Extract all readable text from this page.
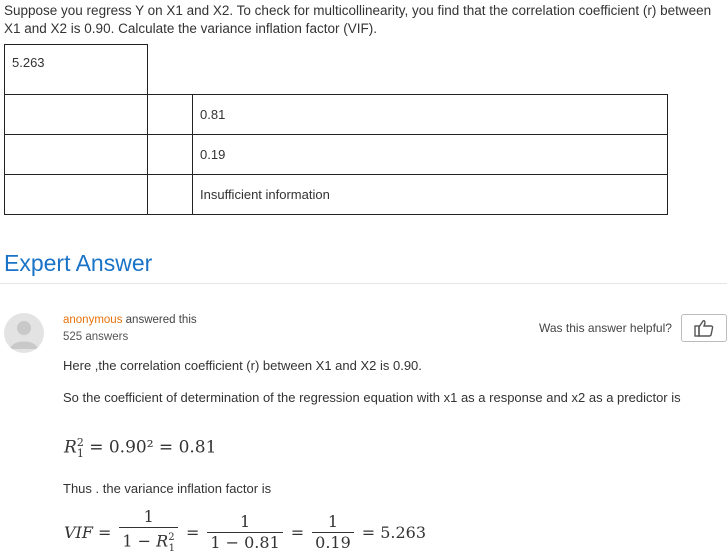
Suppose you regress Y on X1 and X2. To check for multicollinearity, you find that the correlation coefficient (r) between X1 and X2 is 0.90. Calculate the variance inflation factor (VIF).
5.263		
		0.81
		0.19
		Insufficient information
Expert Answer
anonymous answered this
525 answers
Was this answer helpful?
Here ,the correlation coefficient (r) between X1 and X2 is 0.90.
So the coefficient of determination of the regression equation with x1 as a response and x2 as a predictor is
$R^2_1 = 0.90^2 = 0.81$
Thus . the variance inflation factor is
VIF = $\frac{1}{1 - R^2_1} = \frac{1}{1 - 0.81} = \frac{1}{0.19} = 5.263$
